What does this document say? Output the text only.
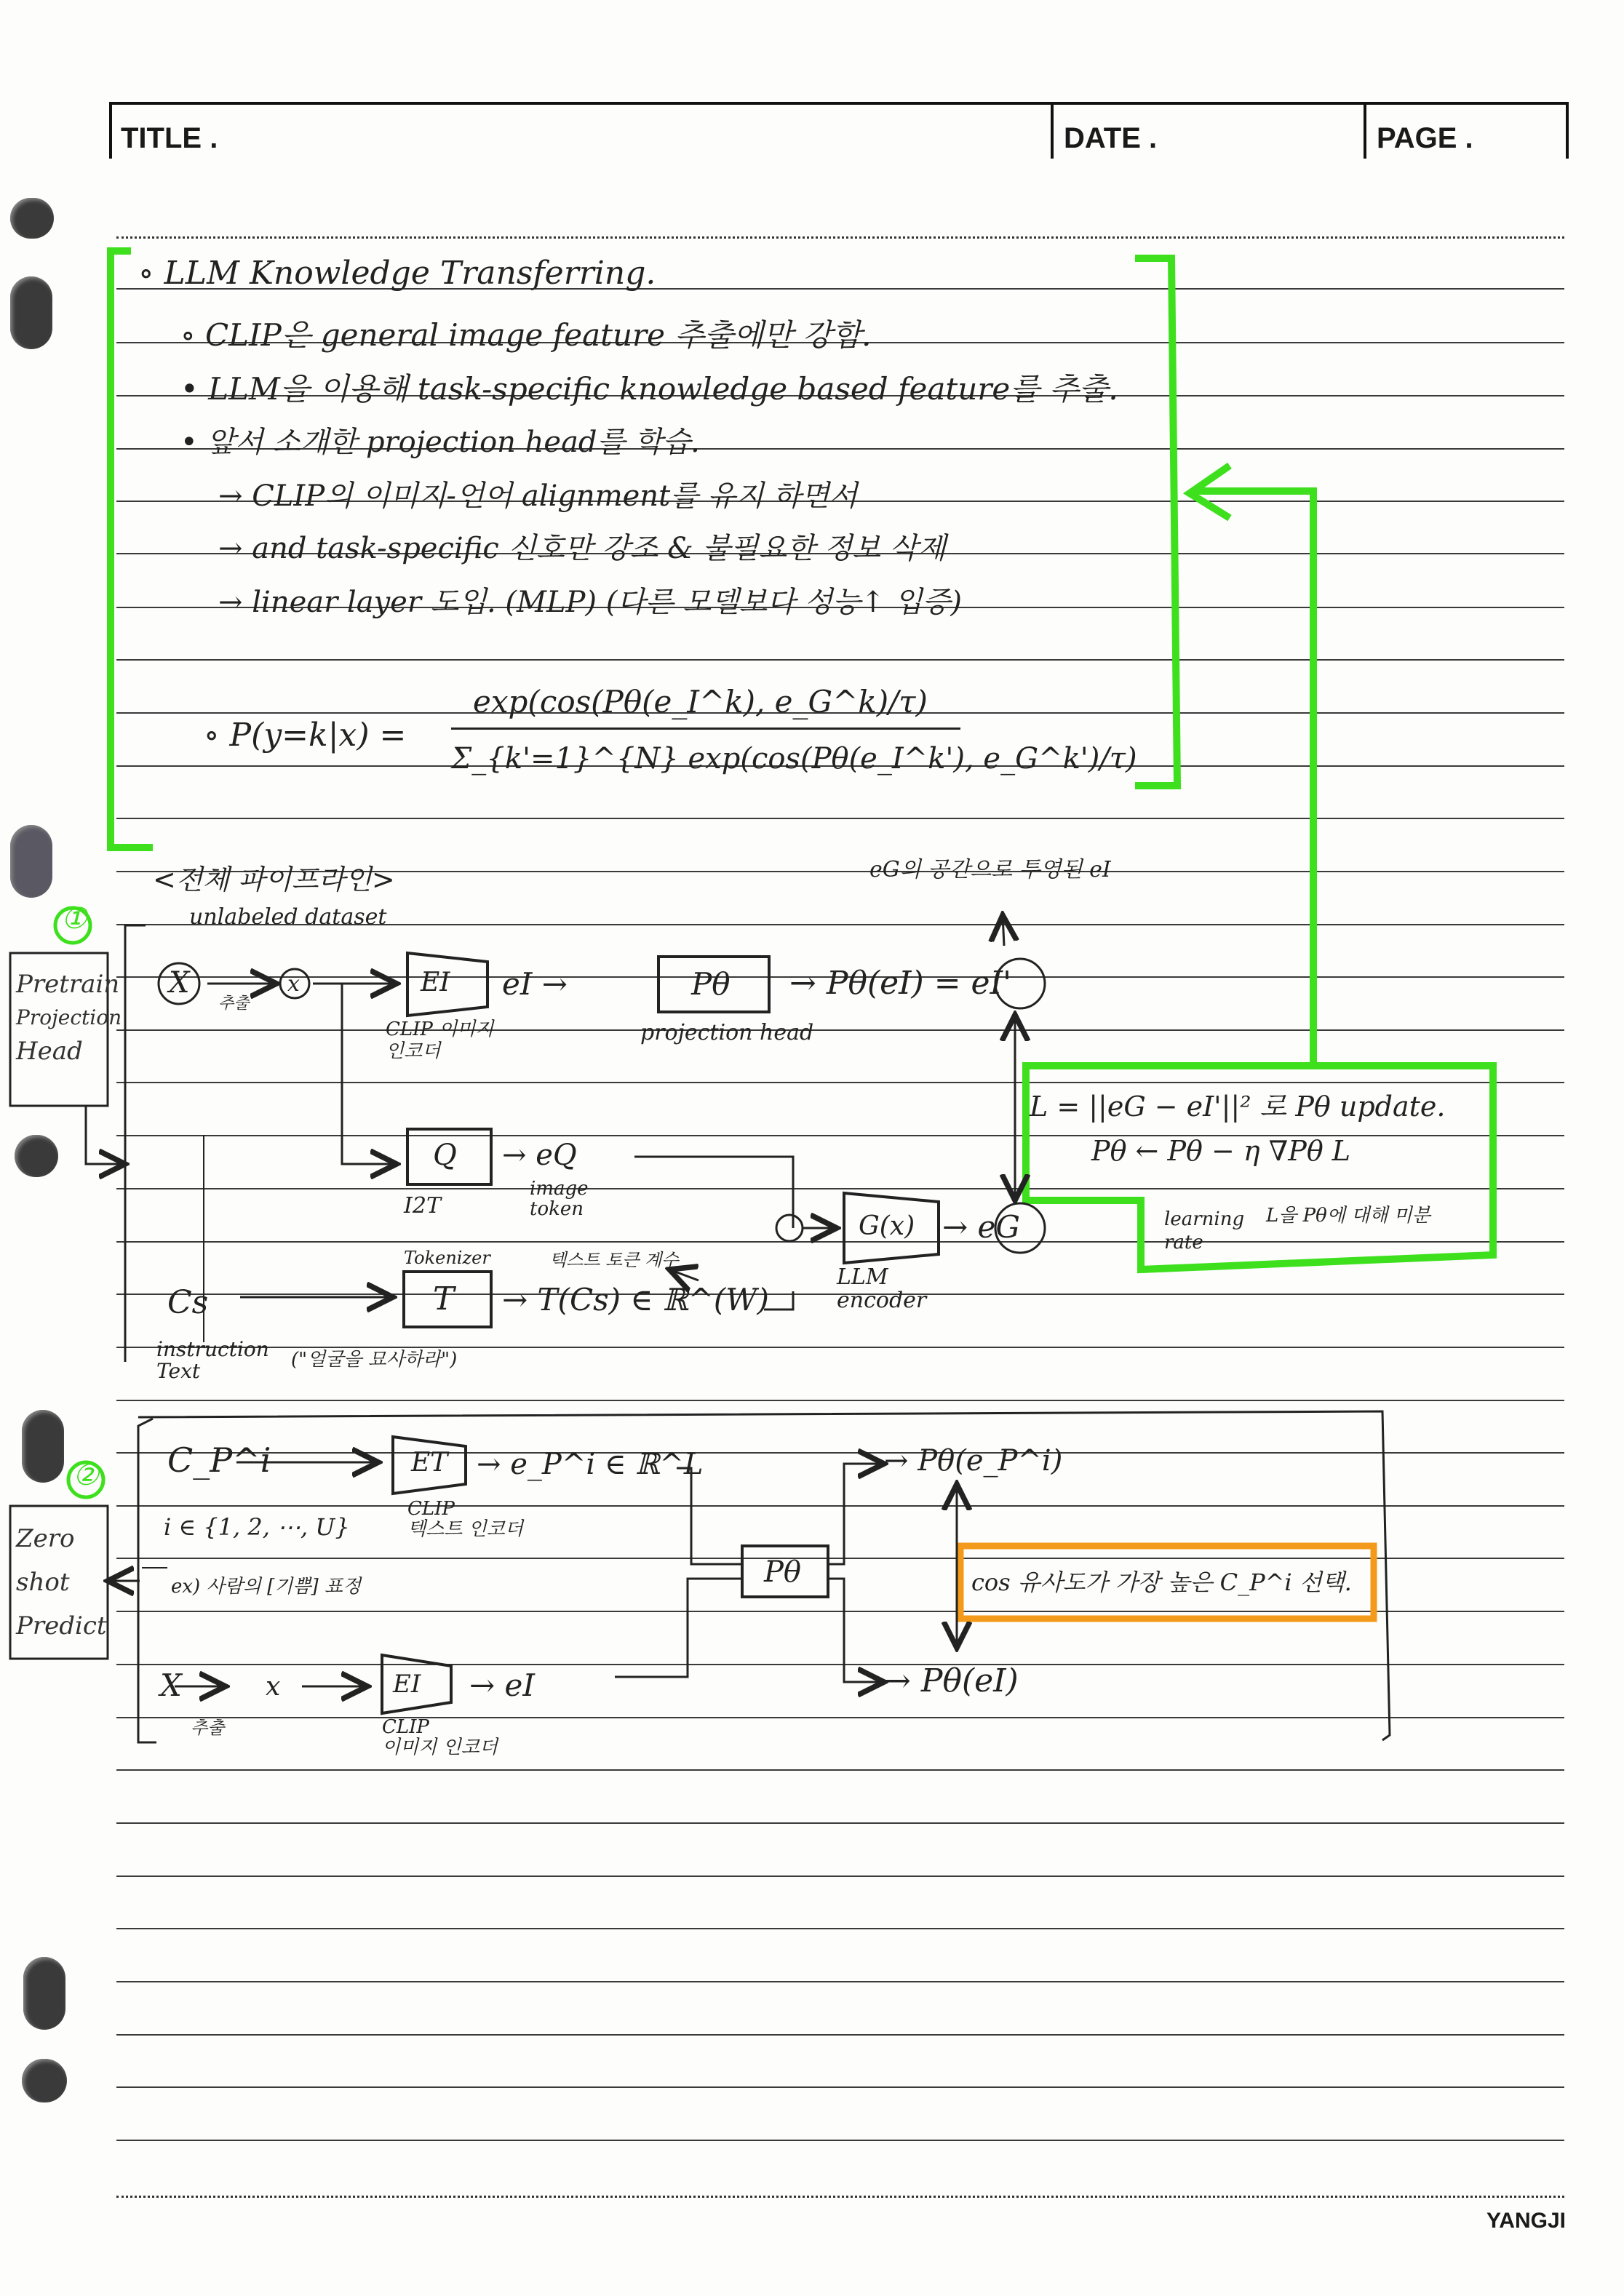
TITLE .	DATE .	PAGE .
YANGJI
∘ LLM Knowledge Transferring.
∘ CLIP은 general image feature 추출에만 강함.
• LLM을 이용해 task-specific knowledge based feature를 추출.
• 앞서 소개한 projection head를 학습.
→ CLIP의 이미지-언어 alignment를 유지 하면서
→ and task-specific 신호만 강조 & 불필요한 정보 삭제
→ linear layer 도입. (MLP) (다른 모델보다 성능↑ 입증)
∘ P(y=k|x) =
exp(cos(Pθ(e_I^k), e_G^k)/τ)
Σ_{k'=1}^{N} exp(cos(Pθ(e_I^k'), e_G^k')/τ)
<전체 파이프라인>	eG의 공간으로 투영된 eI
①
Pretrain
Projection
Head
unlabeled dataset
X	x
추출
EI eI →	Pθ → Pθ(eI) = eI'
CLIP 이미지
인코더
projection head
Q → eQ
I2T
image
token
L = ||eG − eI'||² 로 Pθ update.
Pθ ← Pθ − η ∇Pθ L
learning
rate
L을 Pθ에 대해 미분
G(x) → eG
LLM
encoder
Tokenizer	텍스트 토큰 계수
Cs	T → T(Cs) ∈ ℝ^(W)
instruction
Text	("얼굴을 묘사하라")
②
Zero
shot
Predict
C_P^i	ET → e_P^i ∈ ℝ^L
CLIP
텍스트 인코더
i ∈ {1, 2, ⋯, U}
ex) 사람의 [기쁨] 표정	Pθ
→ Pθ(e_P^i)
→ Pθ(eI)
cos 유사도가 가장 높은 C_P^i 선택.
X	x
추출
EI → eI
CLIP
이미지 인코더
